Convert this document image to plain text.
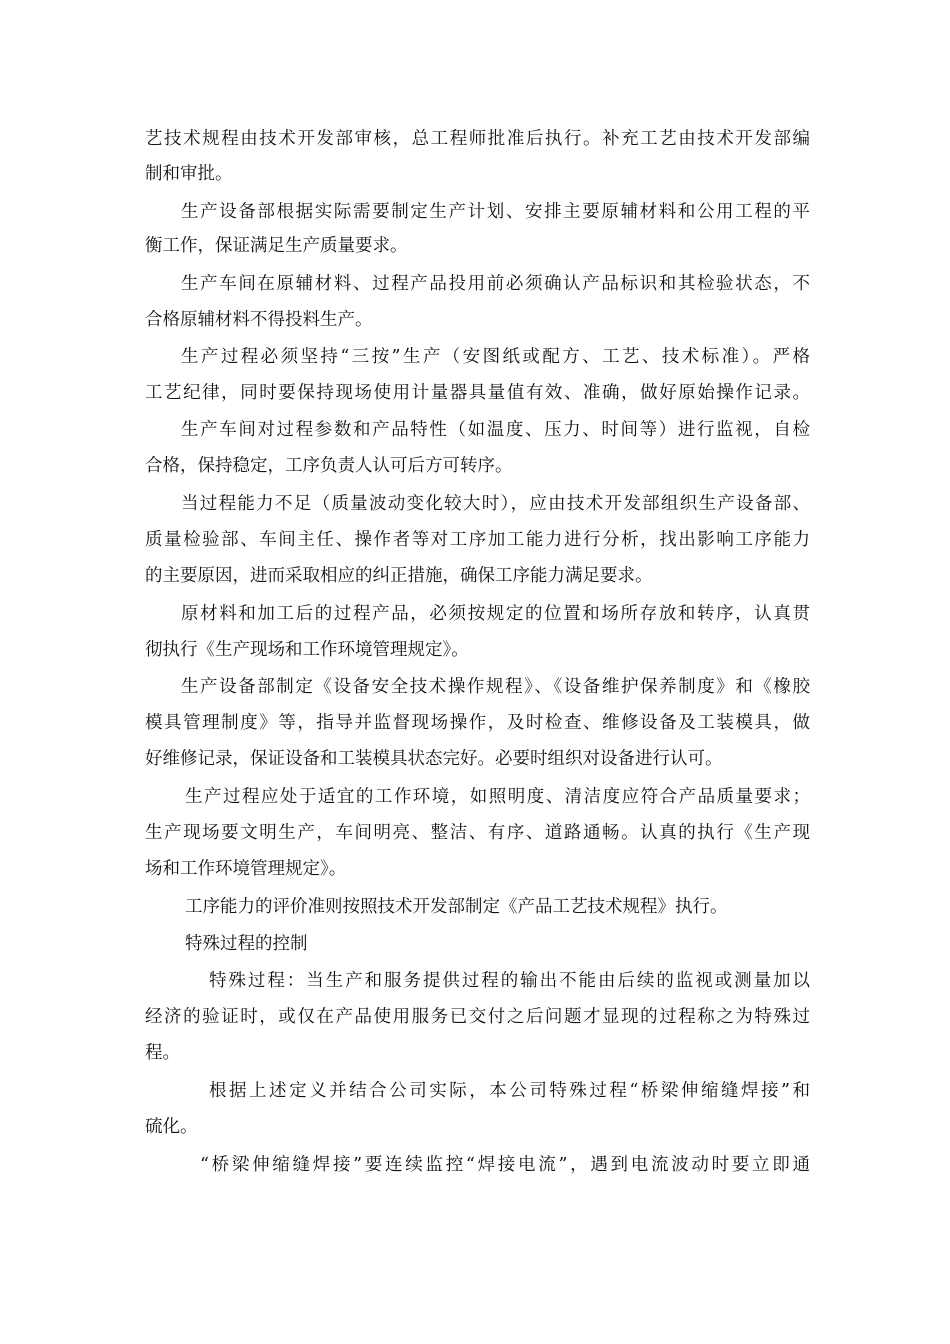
艺技术规程由技术开发部审核，总工程师批准后执行。补充工艺由技术开发部编
制和审批。
生产设备部根据实际需要制定生产计划、安排主要原辅材料和公用工程的平
衡工作，保证满足生产质量要求。
生产车间在原辅材料、过程产品投用前必须确认产品标识和其检验状态，不
合格原辅材料不得投料生产。
生产过程必须坚持“三按”生产（安图纸或配方、工艺、技术标准）。严格
工艺纪律，同时要保持现场使用计量器具量值有效、准确，做好原始操作记录。
生产车间对过程参数和产品特性（如温度、压力、时间等）进行监视，自检
合格，保持稳定，工序负责人认可后方可转序。
当过程能力不足（质量波动变化较大时），应由技术开发部组织生产设备部、
质量检验部、车间主任、操作者等对工序加工能力进行分析，找出影响工序能力
的主要原因，进而采取相应的纠正措施，确保工序能力满足要求。
原材料和加工后的过程产品，必须按规定的位置和场所存放和转序，认真贯
彻执行《生产现场和工作环境管理规定》。
生产设备部制定《设备安全技术操作规程》、《设备维护保养制度》和《橡胶
模具管理制度》等，指导并监督现场操作，及时检查、维修设备及工装模具，做
好维修记录，保证设备和工装模具状态完好。必要时组织对设备进行认可。
生产过程应处于适宜的工作环境，如照明度、清洁度应符合产品质量要求；
生产现场要文明生产，车间明亮、整洁、有序、道路通畅。认真的执行《生产现
场和工作环境管理规定》。
工序能力的评价准则按照技术开发部制定《产品工艺技术规程》执行。
特殊过程的控制
特殊过程：当生产和服务提供过程的输出不能由后续的监视或测量加以
经济的验证时，或仅在产品使用服务已交付之后问题才显现的过程称之为特殊过
程。
根据上述定义并结合公司实际，本公司特殊过程“桥梁伸缩缝焊接”和
硫化。
“桥梁伸缩缝焊接”要连续监控“焊接电流”，遇到电流波动时要立即通
